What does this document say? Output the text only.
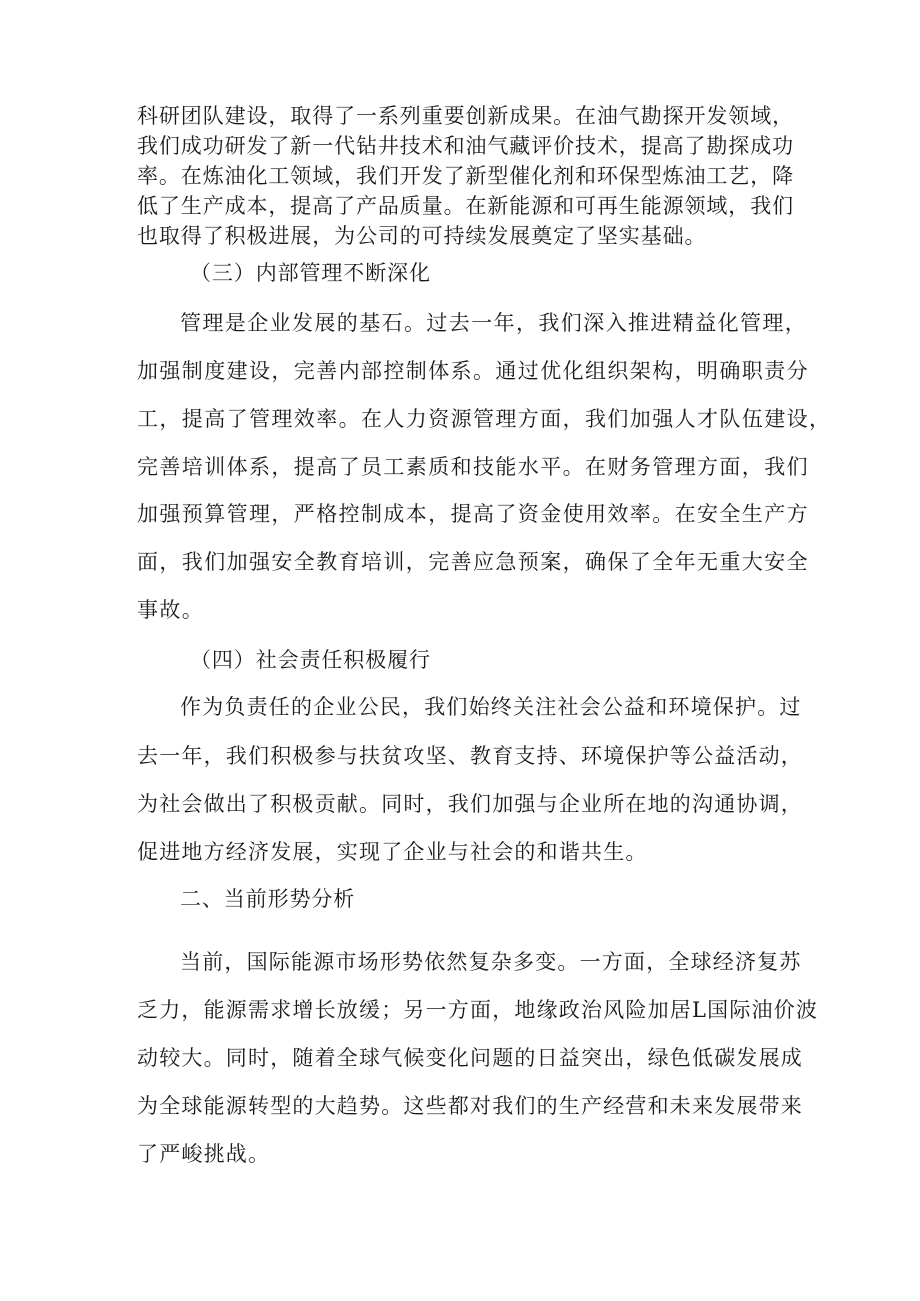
科研团队建设，取得了一系列重要创新成果。在油气勘探开发领域，
我们成功研发了新一代钻井技术和油气藏评价技术，提高了勘探成功
率。在炼油化工领域，我们开发了新型催化剂和环保型炼油工艺，降
低了生产成本，提高了产品质量。在新能源和可再生能源领域，我们
也取得了积极进展，为公司的可持续发展奠定了坚实基础。
（三）内部管理不断深化
管理是企业发展的基石。过去一年，我们深入推进精益化管理，
加强制度建设，完善内部控制体系。通过优化组织架构，明确职责分
工，提高了管理效率。在人力资源管理方面，我们加强人才队伍建设，
完善培训体系，提高了员工素质和技能水平。在财务管理方面，我们
加强预算管理，严格控制成本，提高了资金使用效率。在安全生产方
面，我们加强安全教育培训，完善应急预案，确保了全年无重大安全
事故。
（四）社会责任积极履行
作为负责任的企业公民，我们始终关注社会公益和环境保护。过
去一年，我们积极参与扶贫攻坚、教育支持、环境保护等公益活动，
为社会做出了积极贡献。同时，我们加强与企业所在地的沟通协调，
促进地方经济发展，实现了企业与社会的和谐共生。
二、当前形势分析
当前，国际能源市场形势依然复杂多变。一方面，全球经济复苏
乏力，能源需求增长放缓；另一方面，地缘政治风险加居L国际油价波
动较大。同时，随着全球气候变化问题的日益突出，绿色低碳发展成
为全球能源转型的大趋势。这些都对我们的生产经营和未来发展带来
了严峻挑战。
